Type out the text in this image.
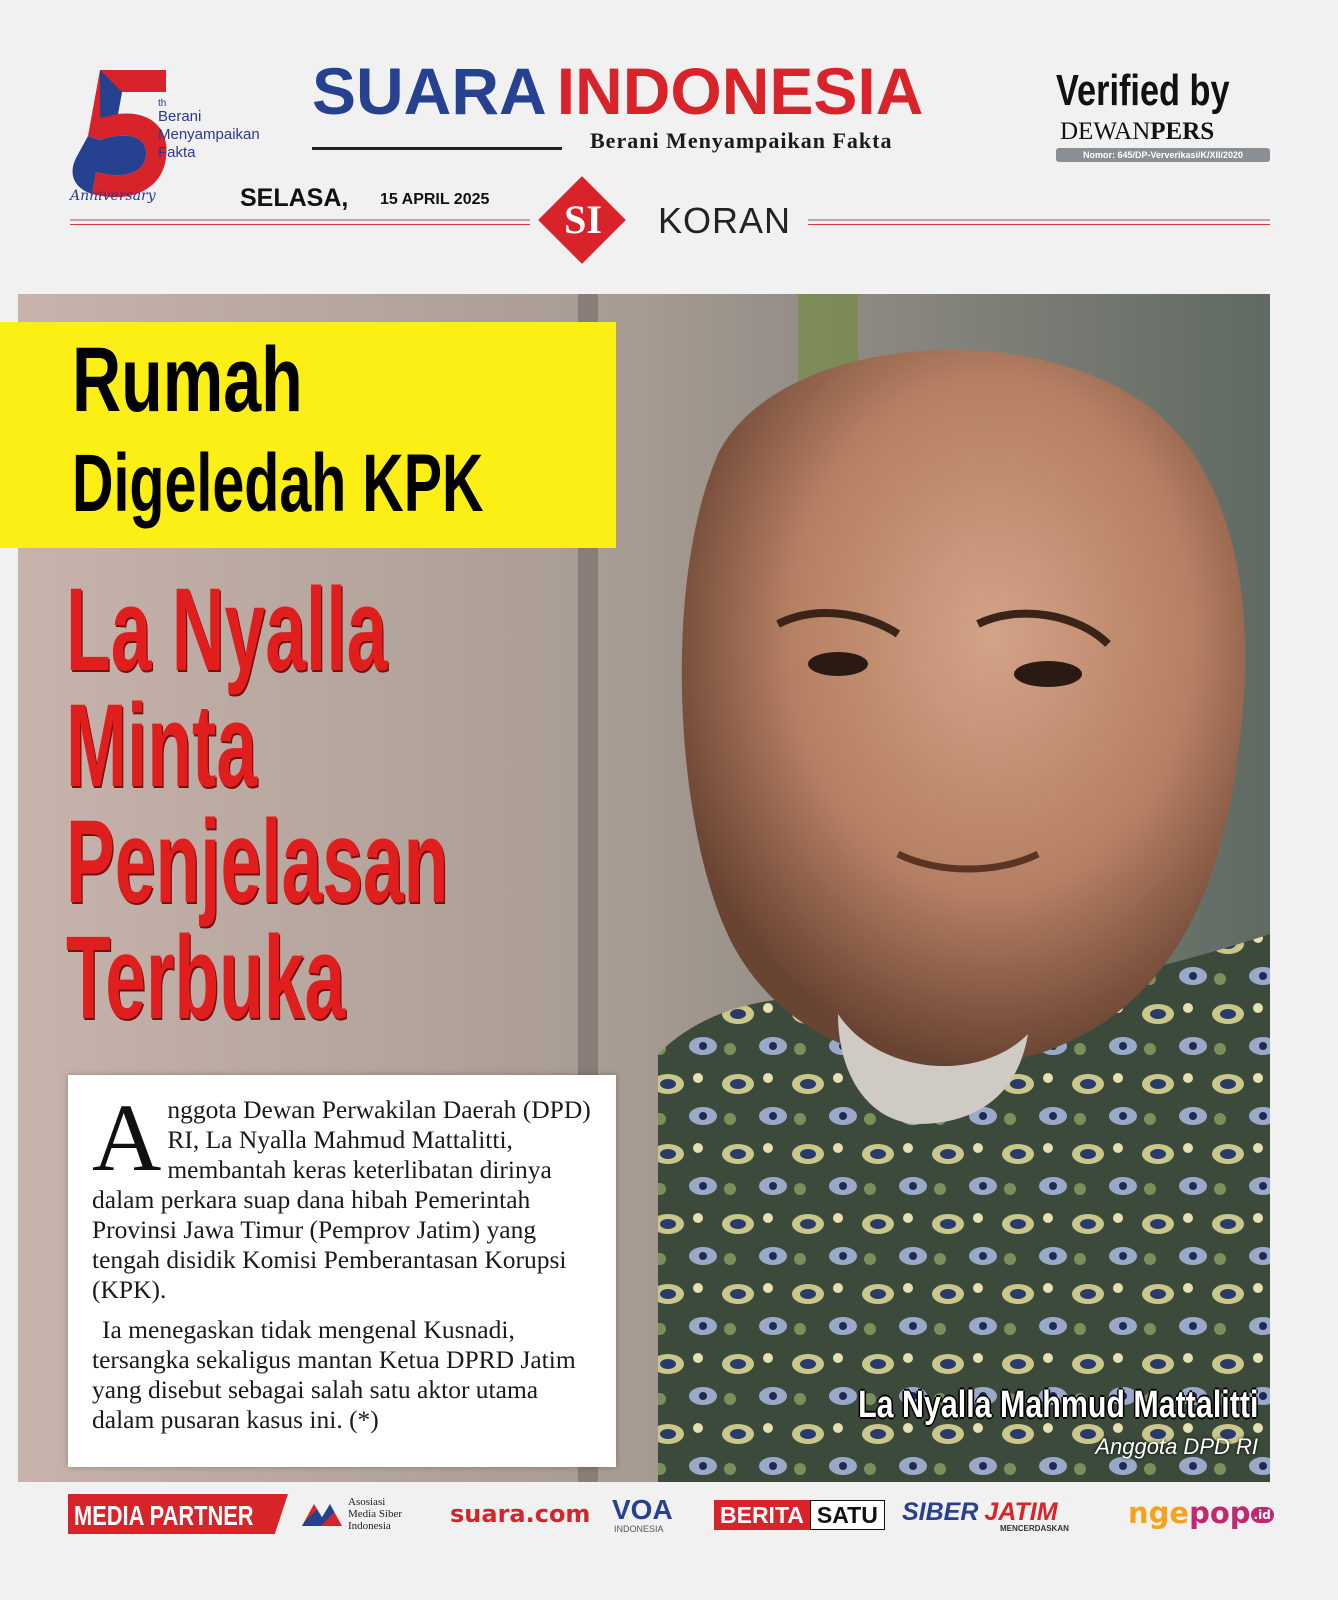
th
Berani
Menyampaikan
Fakta
Anniversary
SUARA INDONESIA
Berani Menyampaikan Fakta
Verified by
DEWANPERS
Nomor: 645/DP-Ververikasi/K/XII/2020
SELASA, 15 APRIL 2025	SI	KORAN
Rumah
Digeledah KPK
La Nyalla
Minta
Penjelasan
Terbuka
A nggota Dewan Perwakilan Daerah (DPD) RI, La Nyalla Mahmud Mattalitti, membantah keras keterlibatan dirinya dalam perkara suap dana hibah Pemerintah Provinsi Jawa Timur (Pemprov Jatim) yang tengah disidik Komisi Pemberantasan Korupsi (KPK).

Ia menegaskan tidak mengenal Kusnadi, tersangka sekaligus mantan Ketua DPRD Jatim yang disebut sebagai salah satu aktor utama dalam pusaran kasus ini. (*)	La Nyalla Mahmud Mattalitti
Anggota DPD RI
MEDIA PARTNER	Asosiasi
Media Siber
Indonesia	suara.com VOA
INDONESIA
BERITA SATU SIBER JATIM
MENCERDASKAN ngepop .id
